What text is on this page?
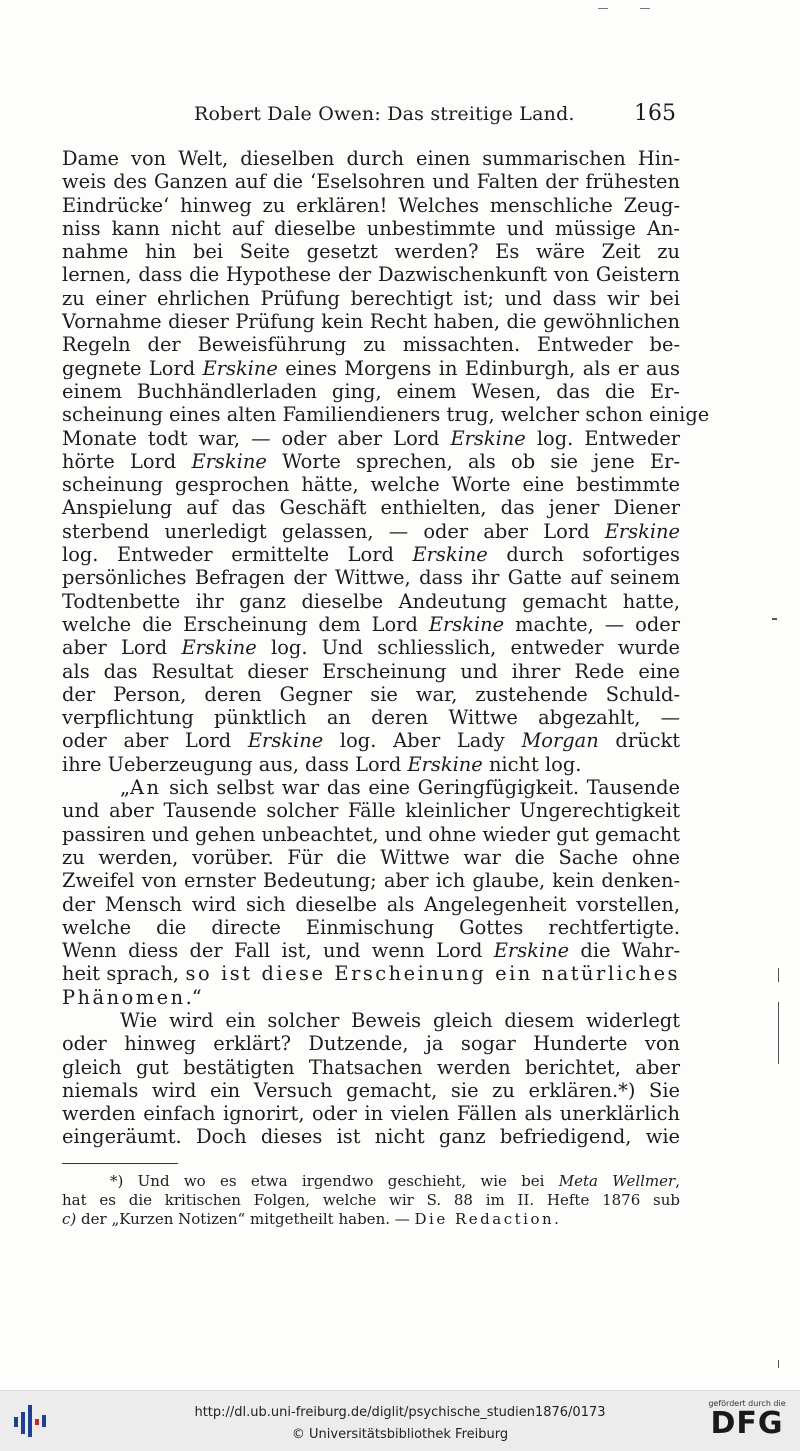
Robert Dale Owen: Das streitige Land.	165
Dame von Welt, dieselben durch einen summarischen Hin-
weis des Ganzen auf die ‘Eselsohren und Falten der frühesten
Eindrücke‘ hinweg zu erklären! Welches menschliche Zeug-
niss kann nicht auf dieselbe unbestimmte und müssige An-
nahme hin bei Seite gesetzt werden? Es wäre Zeit zu
lernen, dass die Hypothese der Dazwischenkunft von Geistern
zu einer ehrlichen Prüfung berechtigt ist; und dass wir bei
Vornahme dieser Prüfung kein Recht haben, die gewöhnlichen
Regeln der Beweisführung zu missachten. Entweder be-
gegnete Lord Erskine eines Morgens in Edinburgh, als er aus
einem Buchhändlerladen ging, einem Wesen, das die Er-
scheinung eines alten Familiendieners trug, welcher schon einige
Monate todt war, — oder aber Lord Erskine log. Entweder
hörte Lord Erskine Worte sprechen, als ob sie jene Er-
scheinung gesprochen hätte, welche Worte eine bestimmte
Anspielung auf das Geschäft enthielten, das jener Diener
sterbend unerledigt gelassen, — oder aber Lord Erskine
log. Entweder ermittelte Lord Erskine durch sofortiges
persönliches Befragen der Wittwe, dass ihr Gatte auf seinem
Todtenbette ihr ganz dieselbe Andeutung gemacht hatte,
welche die Erscheinung dem Lord Erskine machte, — oder
aber Lord Erskine log. Und schliesslich, entweder wurde
als das Resultat dieser Erscheinung und ihrer Rede eine
der Person, deren Gegner sie war, zustehende Schuld-
verpflichtung pünktlich an deren Wittwe abgezahlt, —
oder aber Lord Erskine log. Aber Lady Morgan drückt
ihre Ueberzeugung aus, dass Lord Erskine nicht log.
„An sich selbst war das eine Geringfügigkeit. Tausende
und aber Tausende solcher Fälle kleinlicher Ungerechtigkeit
passiren und gehen unbeachtet, und ohne wieder gut gemacht
zu werden, vorüber. Für die Wittwe war die Sache ohne
Zweifel von ernster Bedeutung; aber ich glaube, kein denken-
der Mensch wird sich dieselbe als Angelegenheit vorstellen,
welche die directe Einmischung Gottes rechtfertigte.
Wenn diess der Fall ist, und wenn Lord Erskine die Wahr-
heit sprach, so ist diese Erscheinung ein natürliches
Phänomen.“
Wie wird ein solcher Beweis gleich diesem widerlegt
oder hinweg erklärt? Dutzende, ja sogar Hunderte von
gleich gut bestätigten Thatsachen werden berichtet, aber
niemals wird ein Versuch gemacht, sie zu erklären.*) Sie
werden einfach ignorirt, oder in vielen Fällen als unerklärlich
eingeräumt. Doch dieses ist nicht ganz befriedigend, wie
*) Und wo es etwa irgendwo geschieht, wie bei Meta Wellmer,
hat es die kritischen Folgen, welche wir S. 88 im II. Hefte 1876 sub
c) der „Kurzen Notizen“ mitgetheilt haben. — Die Redaction.
http://dl.ub.uni-freiburg.de/diglit/psychische_studien1876/0173
© Universitätsbibliothek Freiburg
gefördert durch die
DFG
